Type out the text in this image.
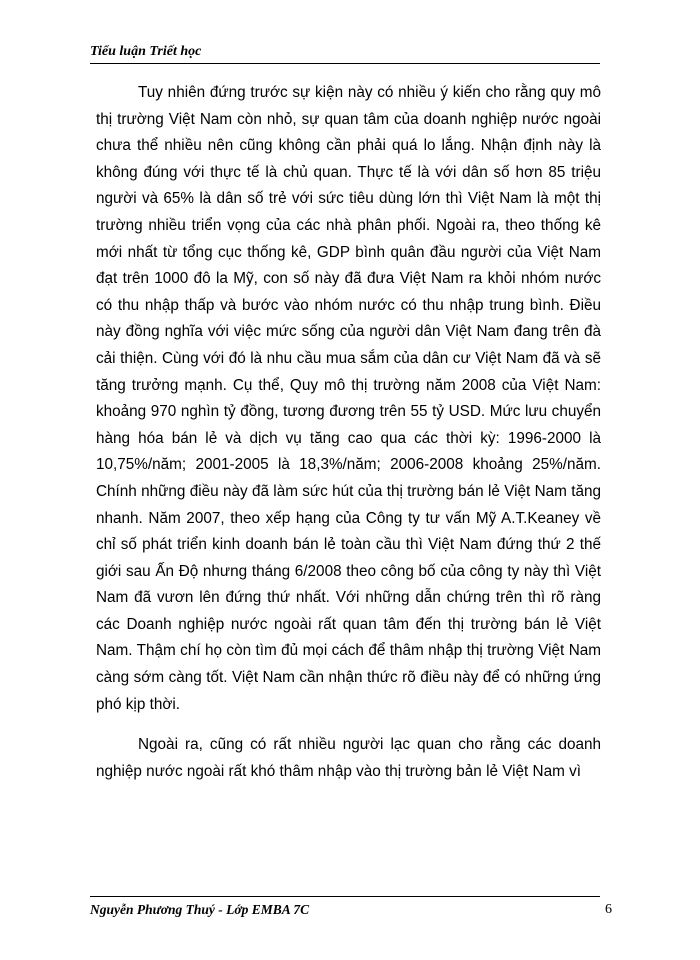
Tiểu luận Triết học

Tuy nhiên đứng trước sự kiện này có nhiều ý kiến cho rằng quy mô thị trường Việt Nam còn nhỏ, sự quan tâm của doanh nghiệp nước ngoài chưa thể nhiều nên cũng không cần phải quá lo lắng. Nhận định này là không đúng với thực tế là chủ quan. Thực tế là với dân số hơn 85 triệu người và 65% là dân số trẻ với sức tiêu dùng lớn thì Việt Nam là một thị trường nhiều triển vọng của các nhà phân phối. Ngoài ra, theo thống kê mới nhất từ tổng cục thống kê, GDP bình quân đầu người của Việt Nam đạt trên 1000 đô la Mỹ, con số này đã đưa Việt Nam ra khỏi nhóm nước có thu nhập thấp và bước vào nhóm nước có thu nhập trung bình. Điều này đồng nghĩa với việc mức sống của người dân Việt Nam đang trên đà cải thiện. Cùng với đó là nhu cầu mua sắm của dân cư Việt Nam đã và sẽ tăng trưởng mạnh. Cụ thể, Quy mô thị trường năm 2008 của Việt Nam: khoảng 970 nghìn tỷ đồng, tương đương trên 55 tỷ USD. Mức lưu chuyển hàng hóa bán lẻ và dịch vụ tăng cao qua các thời kỳ: 1996-2000 là 10,75%/năm; 2001-2005 là 18,3%/năm; 2006-2008 khoảng 25%/năm. Chính những điều này đã làm sức hút của thị trường bán lẻ Việt Nam tăng nhanh. Năm 2007, theo xếp hạng của Công ty tư vấn Mỹ A.T.Keaney về chỉ số phát triển kinh doanh bán lẻ toàn cầu thì Việt Nam đứng thứ 2 thế giới sau Ấn Độ nhưng tháng 6/2008 theo công bố của công ty này thì Việt Nam đã vươn lên đứng thứ nhất. Với những dẫn chứng trên thì rõ ràng các Doanh nghiệp nước ngoài rất quan tâm đến thị trường bán lẻ Việt Nam. Thậm chí họ còn tìm đủ mọi cách để thâm nhập thị trường Việt Nam càng sớm càng tốt. Việt Nam cần nhận thức rõ điều này để có những ứng phó kịp thời.

Ngoài ra, cũng có rất nhiều người lạc quan cho rằng các doanh nghiệp nước ngoài rất khó thâm nhập vào thị trường bản lẻ Việt Nam vì

Nguyễn Phương Thuý - Lớp EMBA 7C	6
